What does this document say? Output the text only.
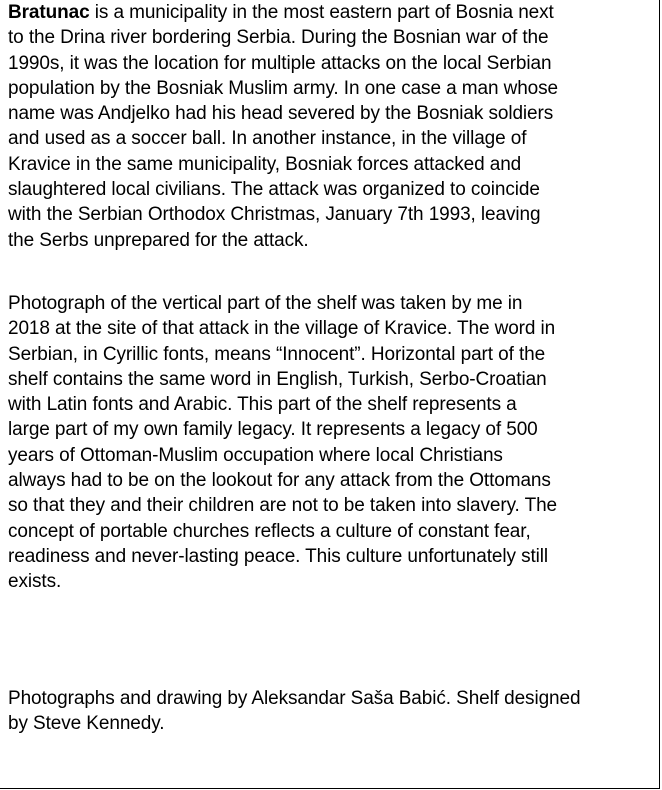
Bratunac is a municipality in the most eastern part of Bosnia next
to the Drina river bordering Serbia. During the Bosnian war of the
1990s, it was the location for multiple attacks on the local Serbian
population by the Bosniak Muslim army. In one case a man whose
name was Andjelko had his head severed by the Bosniak soldiers
and used as a soccer ball. In another instance, in the village of
Kravice in the same municipality, Bosniak forces attacked and
slaughtered local civilians. The attack was organized to coincide
with the Serbian Orthodox Christmas, January 7th 1993, leaving
the Serbs unprepared for the attack.
Photograph of the vertical part of the shelf was taken by me in
2018 at the site of that attack in the village of Kravice. The word in
Serbian, in Cyrillic fonts, means “Innocent”. Horizontal part of the
shelf contains the same word in English, Turkish, Serbo-Croatian
with Latin fonts and Arabic. This part of the shelf represents a
large part of my own family legacy. It represents a legacy of 500
years of Ottoman-Muslim occupation where local Christians
always had to be on the lookout for any attack from the Ottomans
so that they and their children are not to be taken into slavery. The
concept of portable churches reflects a culture of constant fear,
readiness and never-lasting peace. This culture unfortunately still
exists.
Photographs and drawing by Aleksandar Saša Babić. Shelf designed
by Steve Kennedy.
